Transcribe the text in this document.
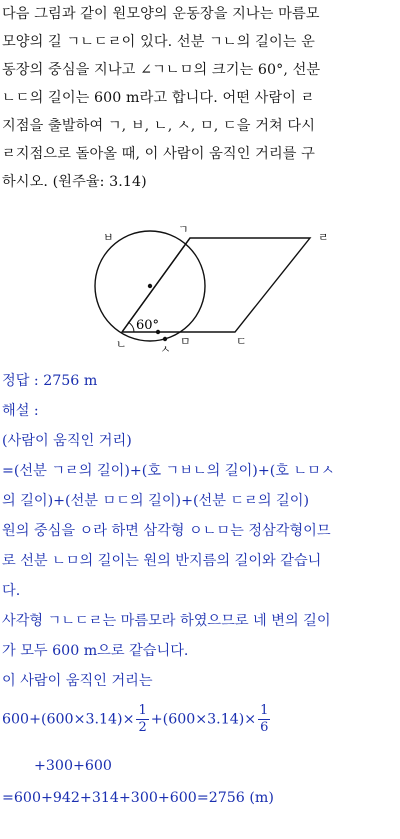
다음 그림과 같이 원모양의 운동장을 지나는 마름모
모양의 길 ㄱㄴㄷㄹ이 있다. 선분 ㄱㄴ의 길이는 운
동장의 중심을 지나고 ∠ㄱㄴㅁ의 크기는 60°, 선분
ㄴㄷ의 길이는 600 m라고 합니다. 어떤 사람이 ㄹ
지점을 출발하여 ㄱ, ㅂ, ㄴ, ㅅ, ㅁ, ㄷ을 거쳐 다시
ㄹ지점으로 돌아올 때, 이 사람이 움직인 거리를 구
하시오. (원주율: 3.14)
60°
ㅂ
ㄱ
ㄹ
ㄴ	ㅅ
ㅁ	ㄷ
정답 : 2756 m
해설 :
(사람이 움직인 거리)
=(선분 ㄱㄹ의 길이)+(호 ㄱㅂㄴ의 길이)+(호 ㄴㅁㅅ
의 길이)+(선분 ㅁㄷ의 길이)+(선분 ㄷㄹ의 길이)
원의 중심을 ㅇ라 하면 삼각형 ㅇㄴㅁ는 정삼각형이므
로 선분 ㄴㅁ의 길이는 원의 반지름의 길이와 같습니
다.
사각형 ㄱㄴㄷㄹ는 마름모라 하였으므로 네 변의 길이
가 모두 600 m으로 같습니다.
이 사람이 움직인 거리는
$600+(600\times 3.14)\times \frac{1}{2} +(600\times 3.14)\times \frac{1}{6}$
+300+600
=600+942+314+300+600=2756 (m)
